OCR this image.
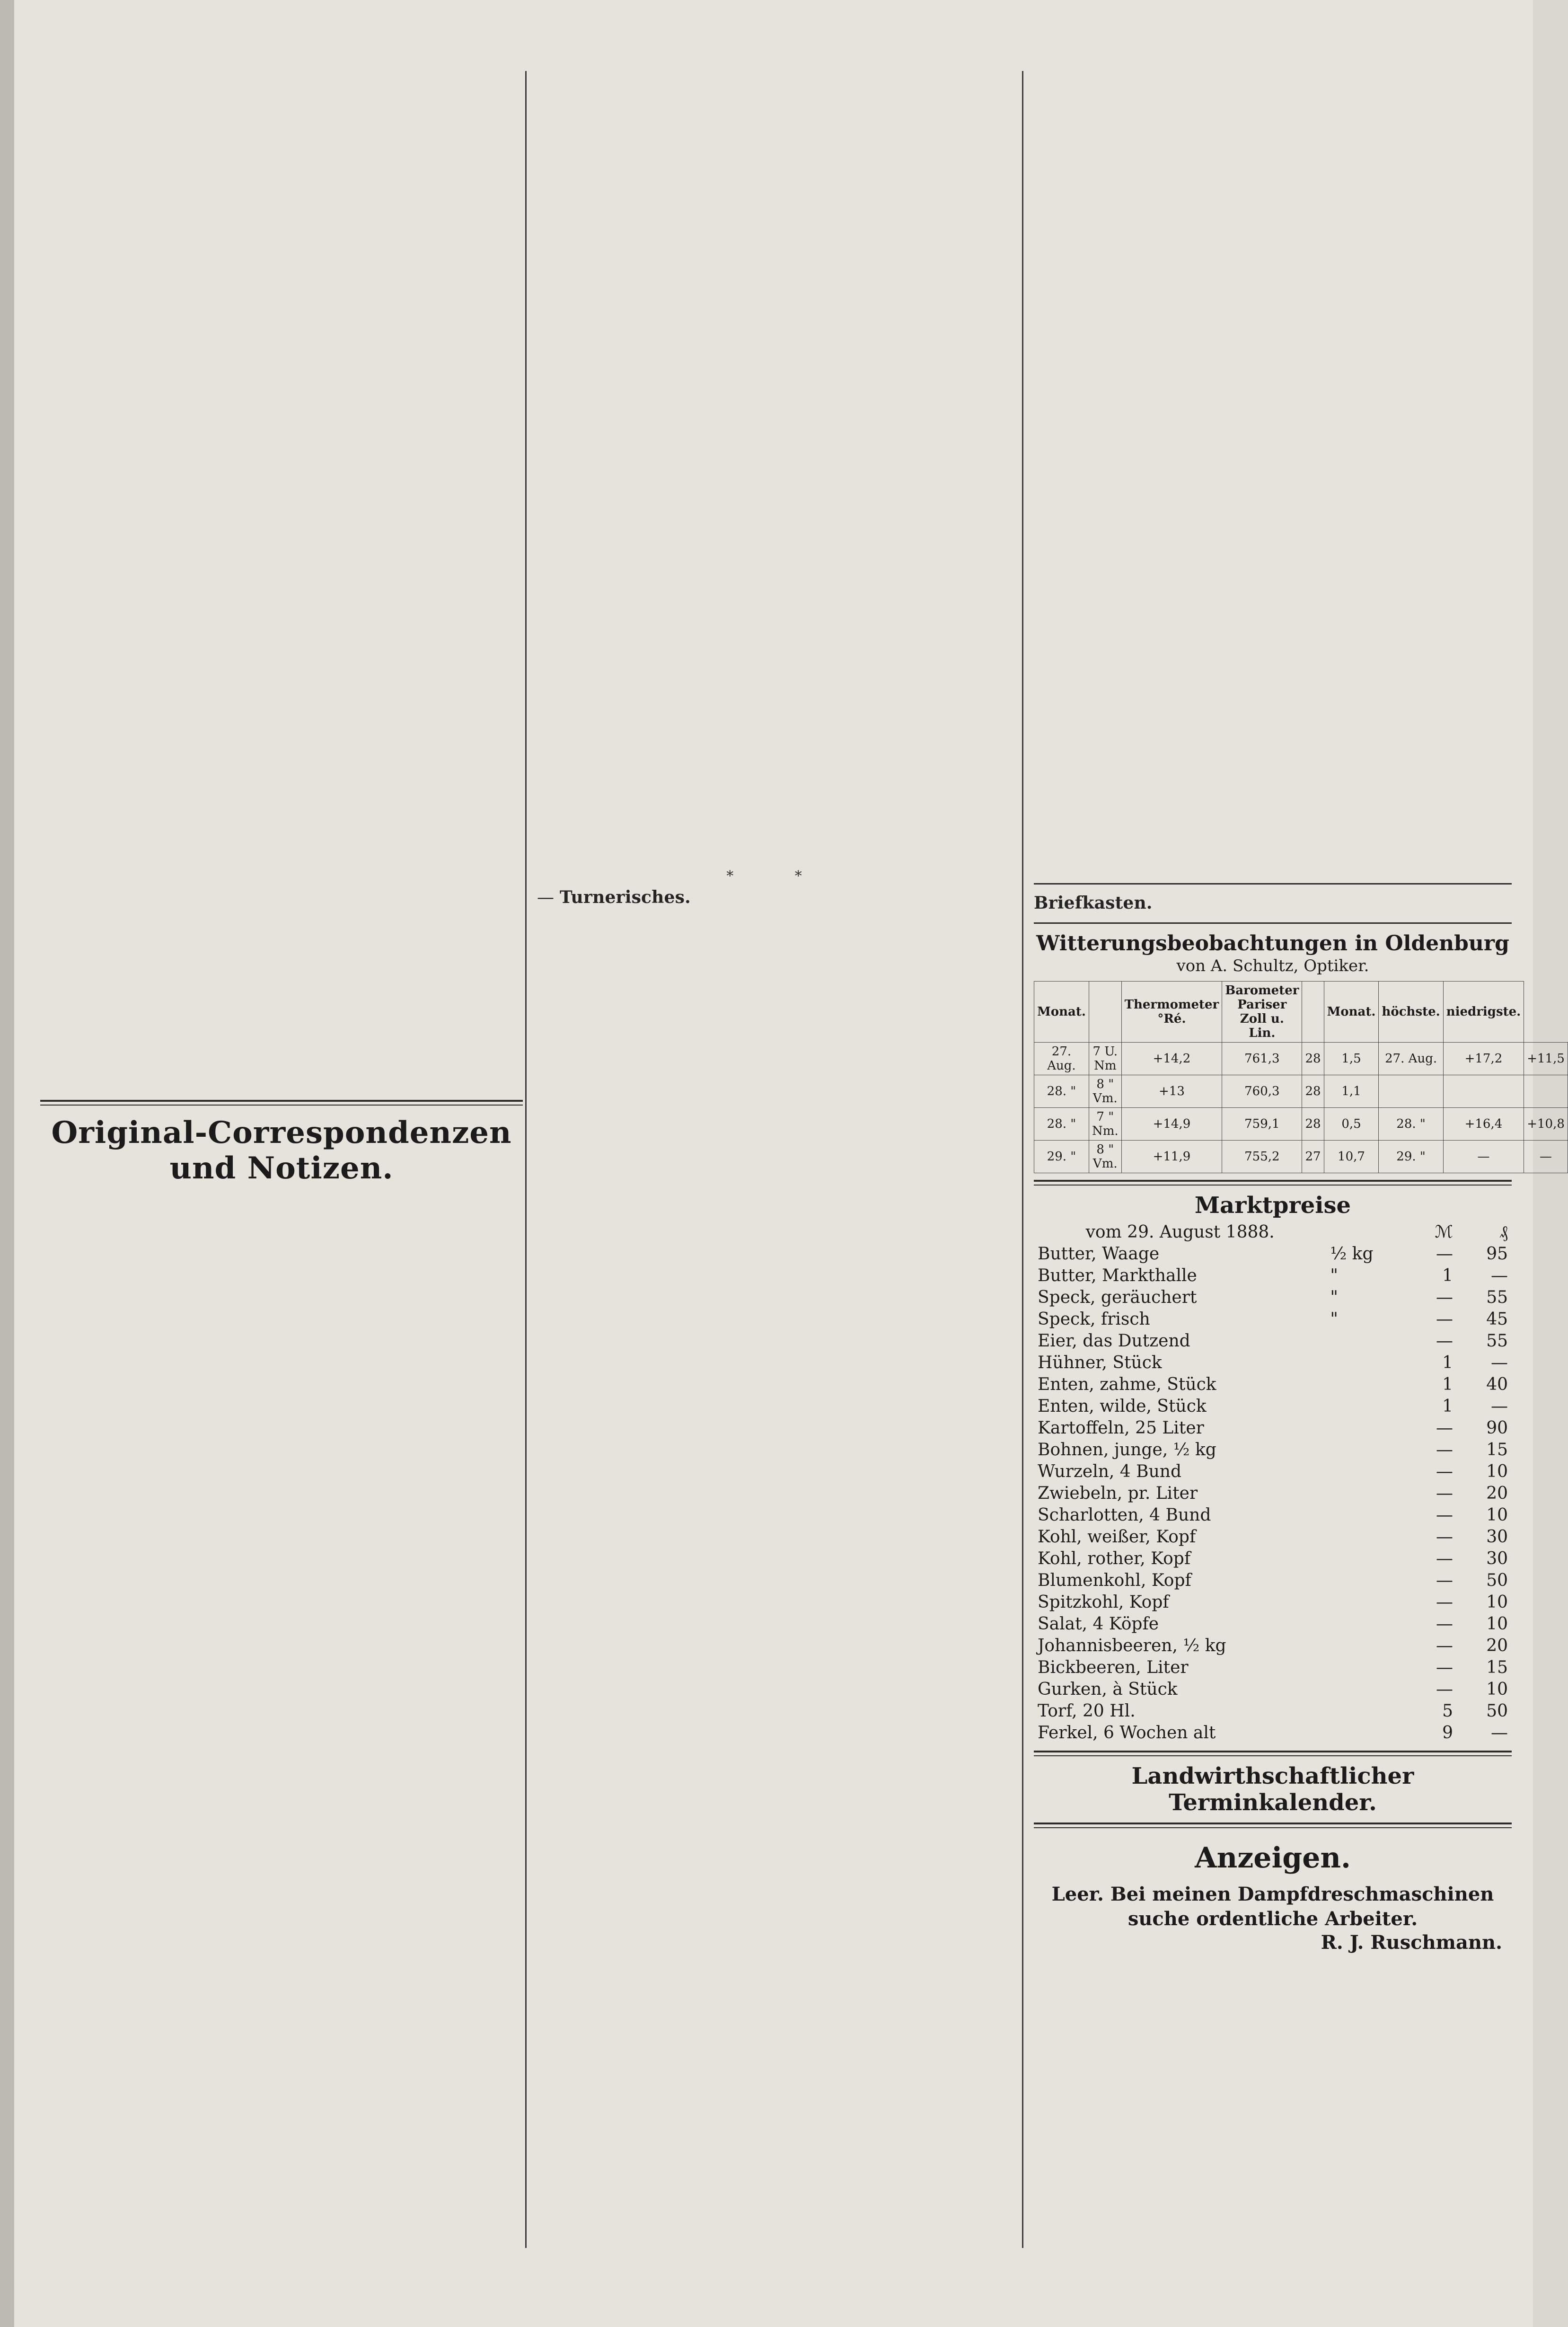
Original-Correspondenzen und Notizen.
* *

— Turnerisches.	Briefkasten.

Witterungsbeobachtungen in Oldenburg
von A. Schultz, Optiker.
Monat.		Thermometer °Ré.	Barometer Pariser Zoll u. Lin.		Monat.	höchste.	niedrigste.	
27. Aug.	7 U. Nm	+14,2	761,3	28	1,5	27. Aug.	+17,2	+11,5
28. "	8 " Vm.	+13	760,3	28	1,1			
28. "	7 " Nm.	+14,9	759,1	28	0,5	28. "	+16,4	+10,8
29. "	8 " Vm.	+11,9	755,2	27	10,7	29. "	—	—
Marktpreise
vom 29. August 1888.		ℳ	₰
Butter, Waage	½ kg	—	95
Butter, Markthalle	"	1	—
Speck, geräuchert	"	—	55
Speck, frisch	"	—	45
Eier, das Dutzend		—	55
Hühner, Stück		1	—
Enten, zahme, Stück		1	40
Enten, wilde, Stück		1	—
Kartoffeln, 25 Liter		—	90
Bohnen, junge, ½ kg		—	15
Wurzeln, 4 Bund		—	10
Zwiebeln, pr. Liter		—	20
Scharlotten, 4 Bund		—	10
Kohl, weißer, Kopf		—	30
Kohl, rother, Kopf		—	30
Blumenkohl, Kopf		—	50
Spitzkohl, Kopf		—	10
Salat, 4 Köpfe		—	10
Johannisbeeren, ½ kg		—	20
Bickbeeren, Liter		—	15
Gurken, à Stück		—	10
Torf, 20 Hl.		5	50
Ferkel, 6 Wochen alt		9	—
Landwirthschaftlicher Terminkalender.
Anzeigen.
Leer. Bei meinen Dampfdreschmaschinen suche ordentliche Arbeiter.
R. J. Ruschmann.
